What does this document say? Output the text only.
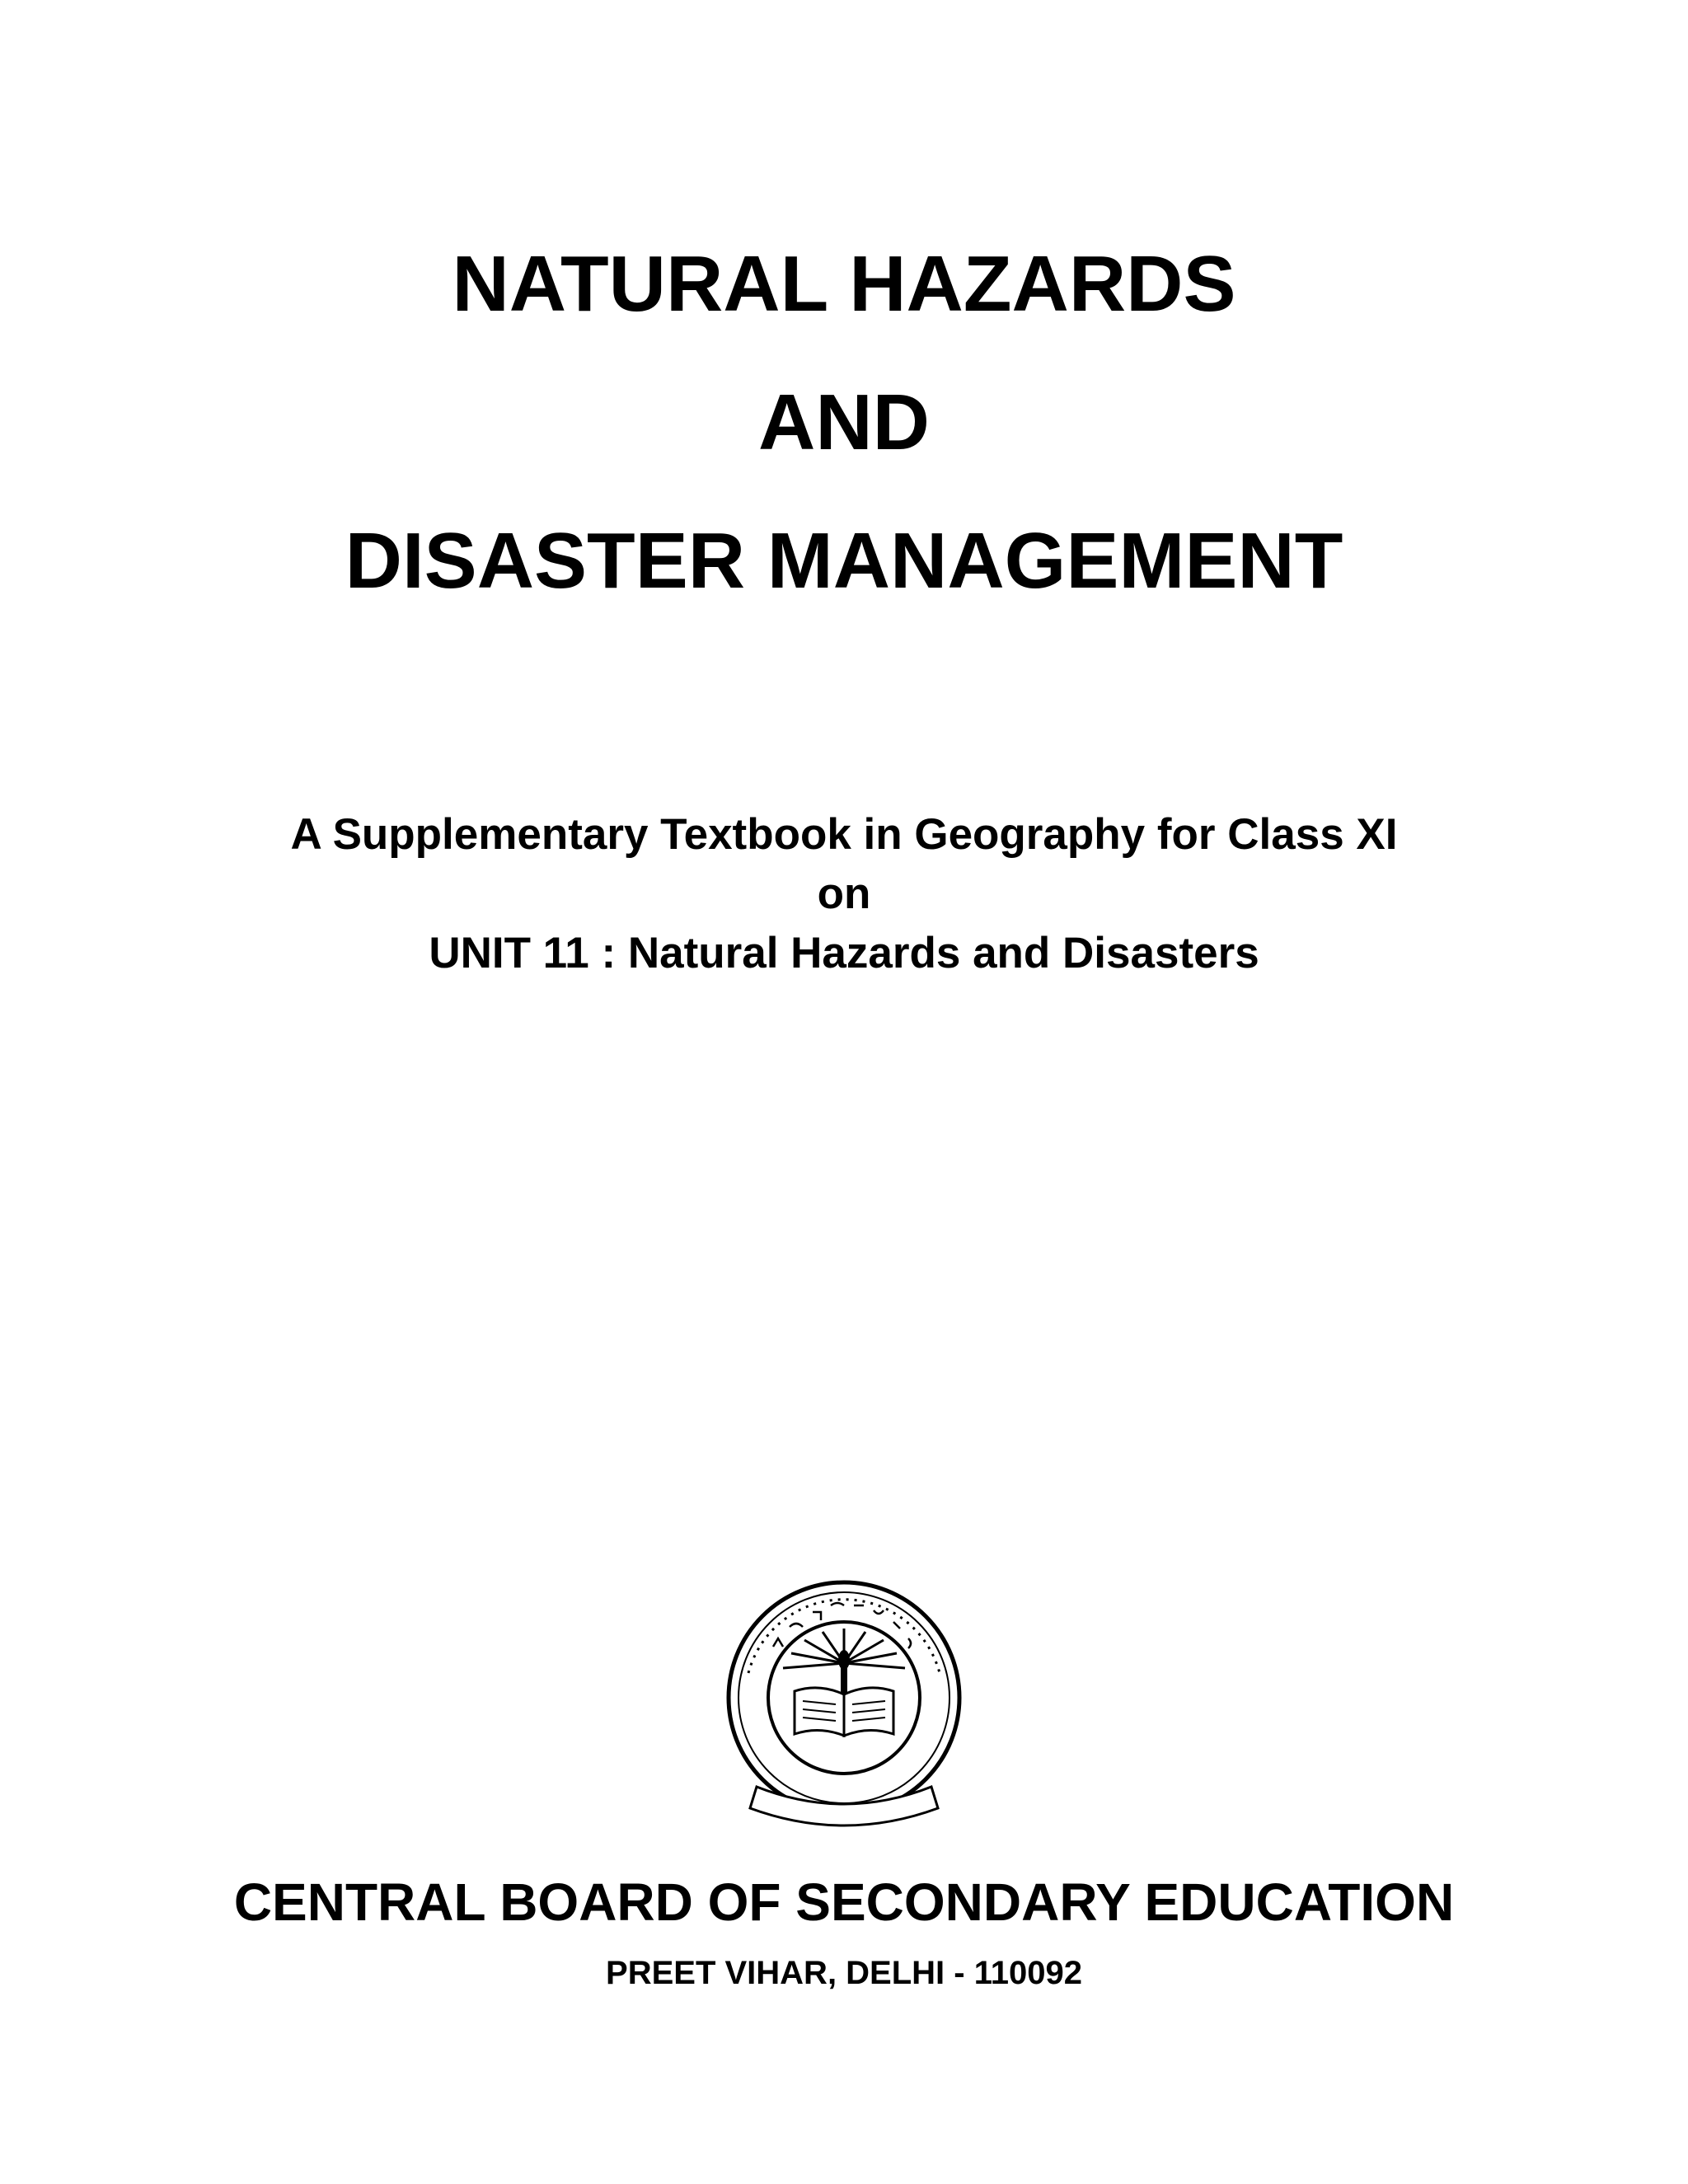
NATURAL HAZARDS
AND
DISASTER MANAGEMENT
A Supplementary Textbook in Geography for Class XI
on
UNIT 11 : Natural Hazards and Disasters
CENTRAL BOARD OF SECONDARY EDUCATION
PREET VIHAR, DELHI - 110092
